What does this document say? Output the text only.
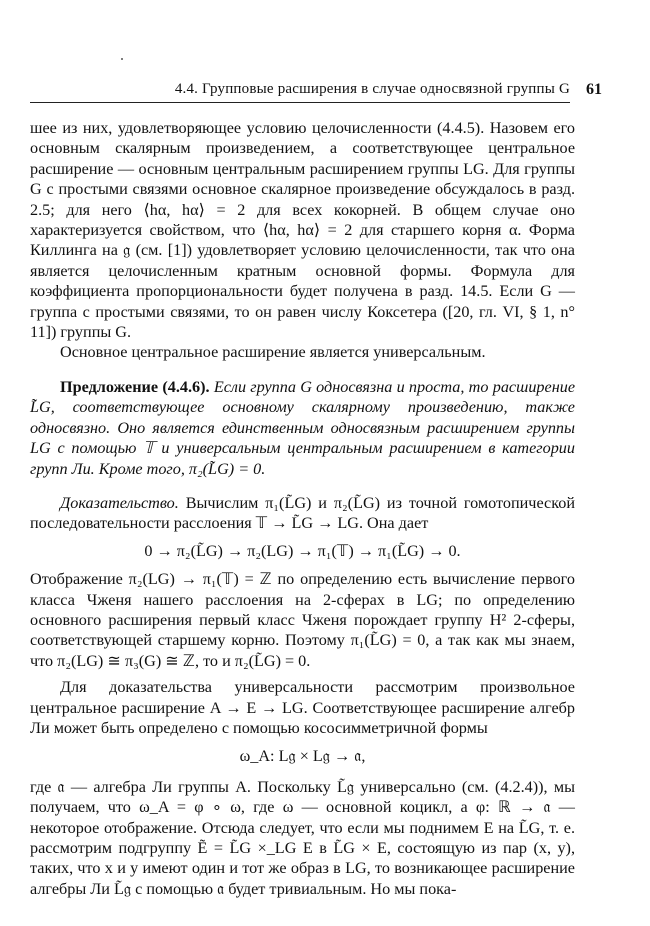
4.4. Групповые расширения в случае односвязной группы G 61

шее из них, удовлетворяющее условию целочисленности (4.4.5). Назовем его основным скалярным произведением, а соответствующее центральное расширение — основным центральным расширением группы LG. Для группы G с простыми связями основное скалярное произведение обсуждалось в разд. 2.5; для него ⟨hα, hα⟩ = 2 для всех кокорней. В общем случае оно характеризуется свойством, что ⟨hα, hα⟩ = 2 для старшего корня α. Форма Киллинга на 𝔤 (см. [1]) удовлетворяет условию целочисленности, так что она является целочисленным кратным основной формы. Формула для коэффициента пропорциональности будет получена в разд. 14.5. Если G — группа с простыми связями, то он равен числу Коксетера ([20, гл. VI, § 1, n° 11]) группы G.

Основное центральное расширение является универсальным.

Предложение (4.4.6). Если группа G односвязна и проста, то расширение L̃G, соответствующее основному скалярному произведению, также односвязно. Оно является единственным односвязным расширением группы LG с помощью 𝕋 и универсальным центральным расширением в категории групп Ли. Кроме того, π₂(L̃G) = 0.

Доказательство. Вычислим π₁(L̃G) и π₂(L̃G) из точной гомотопической последовательности расслоения 𝕋 → L̃G → LG. Она дает

0 → π₂(L̃G) → π₂(LG) → π₁(𝕋) → π₁(L̃G) → 0.

Отображение π₂(LG) → π₁(𝕋) = ℤ по определению есть вычисление первого класса Чженя нашего расслоения на 2-сферах в LG; по определению основного расширения первый класс Чженя порождает группу H² 2-сферы, соответствующей старшему корню. Поэтому π₁(L̃G) = 0, а так как мы знаем, что π₂(LG) ≅ π₃(G) ≅ ℤ, то и π₂(L̃G) = 0.

Для доказательства универсальности рассмотрим произвольное центральное расширение A → E → LG. Соответствующее расширение алгебр Ли может быть определено с помощью кососимметричной формы

ω_A: L𝔤 × L𝔤 → 𝔞,

где 𝔞 — алгебра Ли группы A. Поскольку L̃𝔤 универсально (см. (4.2.4)), мы получаем, что ω_A = φ ∘ ω, где ω — основной коцикл, а φ: ℝ → 𝔞 — некоторое отображение. Отсюда следует, что если мы поднимем E на L̃G, т. е. рассмотрим подгруппу Ẽ = L̃G ×_LG E в L̃G × E, состоящую из пар (x, y), таких, что x и y имеют один и тот же образ в LG, то возникающее расширение алгебры Ли L̃𝔤 с помощью 𝔞 будет тривиальным. Но мы пока-
